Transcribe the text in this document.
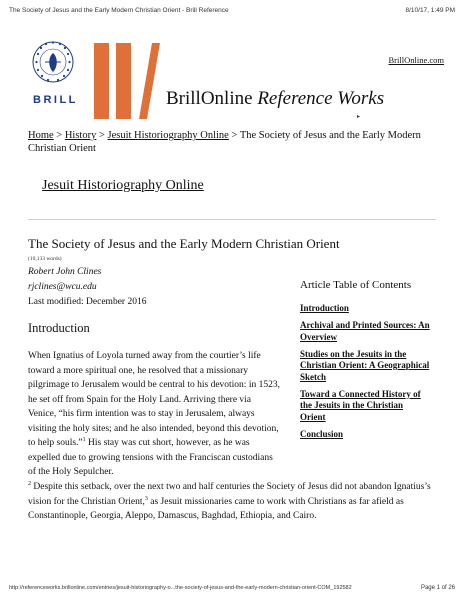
The Society of Jesus and the Early Modern Christian Orient - Brill Reference	8/10/17, 1:49 PM
BRILL
BrillOnline.com
BrillOnline Reference Works
▸
Home > History > Jesuit Historiography Online > The Society of Jesus and the Early Modern Christian Orient
Jesuit Historiography Online
The Society of Jesus and the Early Modern Christian Orient
(10,133 words)
Robert John Clines
rjclines@wcu.edu
Last modified: December 2016
Introduction
Article Table of Contents
Introduction
Archival and Printed Sources: An Overview
Studies on the Jesuits in the Christian Orient: A Geographical Sketch
Toward a Connected History of the Jesuits in the Christian Orient
Conclusion
When Ignatius of Loyola turned away from the courtier’s life toward a more spiritual one, he resolved that a missionary pilgrimage to Jerusalem would be central to his devotion: in 1523, he set off from Spain for the Holy Land. Arriving there via Venice, “his firm intention was to stay in Jerusalem, always visiting the holy sites; and he also intended, beyond this devotion, to help souls.”$^1$ His stay was cut short, however, as he was expelled due to growing tensions with the Franciscan custodians of the Holy Sepulcher.
$^2$ Despite this setback, over the next two and half centuries the Society of Jesus did not abandon Ignatius’s vision for the Christian Orient,$^3$ as Jesuit missionaries came to work with Christians as far afield as Constantinople, Georgia, Aleppo, Damascus, Baghdad, Ethiopia, and Cairo.
http://referenceworks.brillonline.com/entries/jesuit-historiography-o...the-society-of-jesus-and-the-early-modern-christian-orient-COM_192582	Page 1 of 26
